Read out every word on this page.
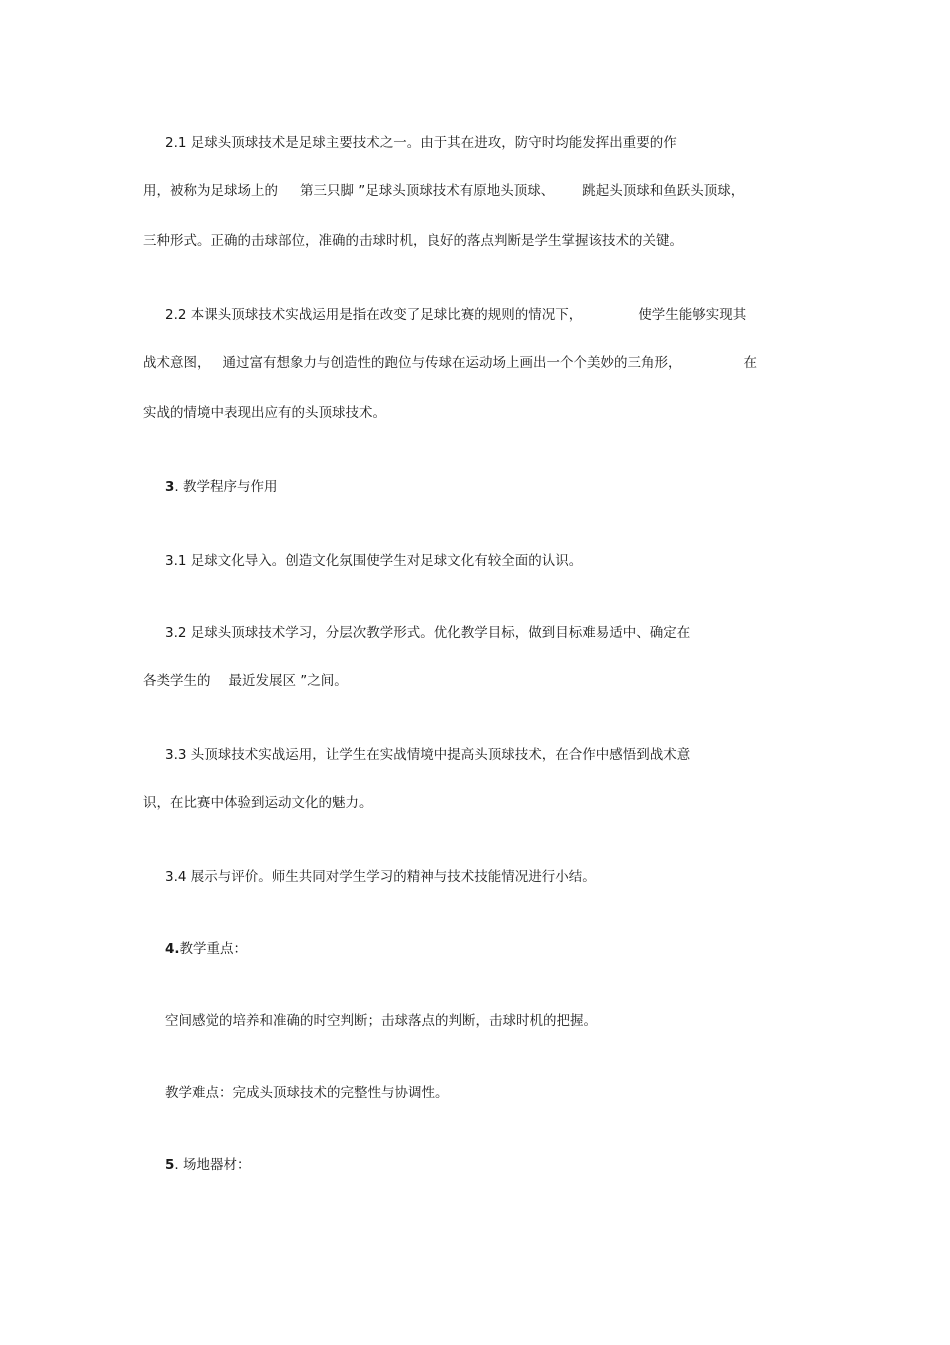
2.1 足球头顶球技术是足球主要技术之一。由于其在进攻，防守时均能发挥出重要的作

用，被称为足球场上的 第三只脚 ”足球头顶球技术有原地头顶球、 跳起头顶球和鱼跃头顶球，

三种形式。正确的击球部位，准确的击球时机，良好的落点判断是学生掌握该技术的关键。

2.2 本课头顶球技术实战运用是指在改变了足球比赛的规则的情况下，	使学生能够实现其

战术意图， 通过富有想象力与创造性的跑位与传球在运动场上画出一个个美妙的三角形，	在

实战的情境中表现出应有的头顶球技术。

3. 教学程序与作用

3.1 足球文化导入。创造文化氛围使学生对足球文化有较全面的认识。

3.2 足球头顶球技术学习，分层次教学形式。优化教学目标，做到目标难易适中、确定在

各类学生的 最近发展区 ”之间。

3.3 头顶球技术实战运用，让学生在实战情境中提高头顶球技术，在合作中感悟到战术意

识，在比赛中体验到运动文化的魅力。

3.4 展示与评价。师生共同对学生学习的精神与技术技能情况进行小结。

4.教学重点：

空间感觉的培养和准确的时空判断；击球落点的判断，击球时机的把握。

教学难点：完成头顶球技术的完整性与协调性。

5. 场地器材：
